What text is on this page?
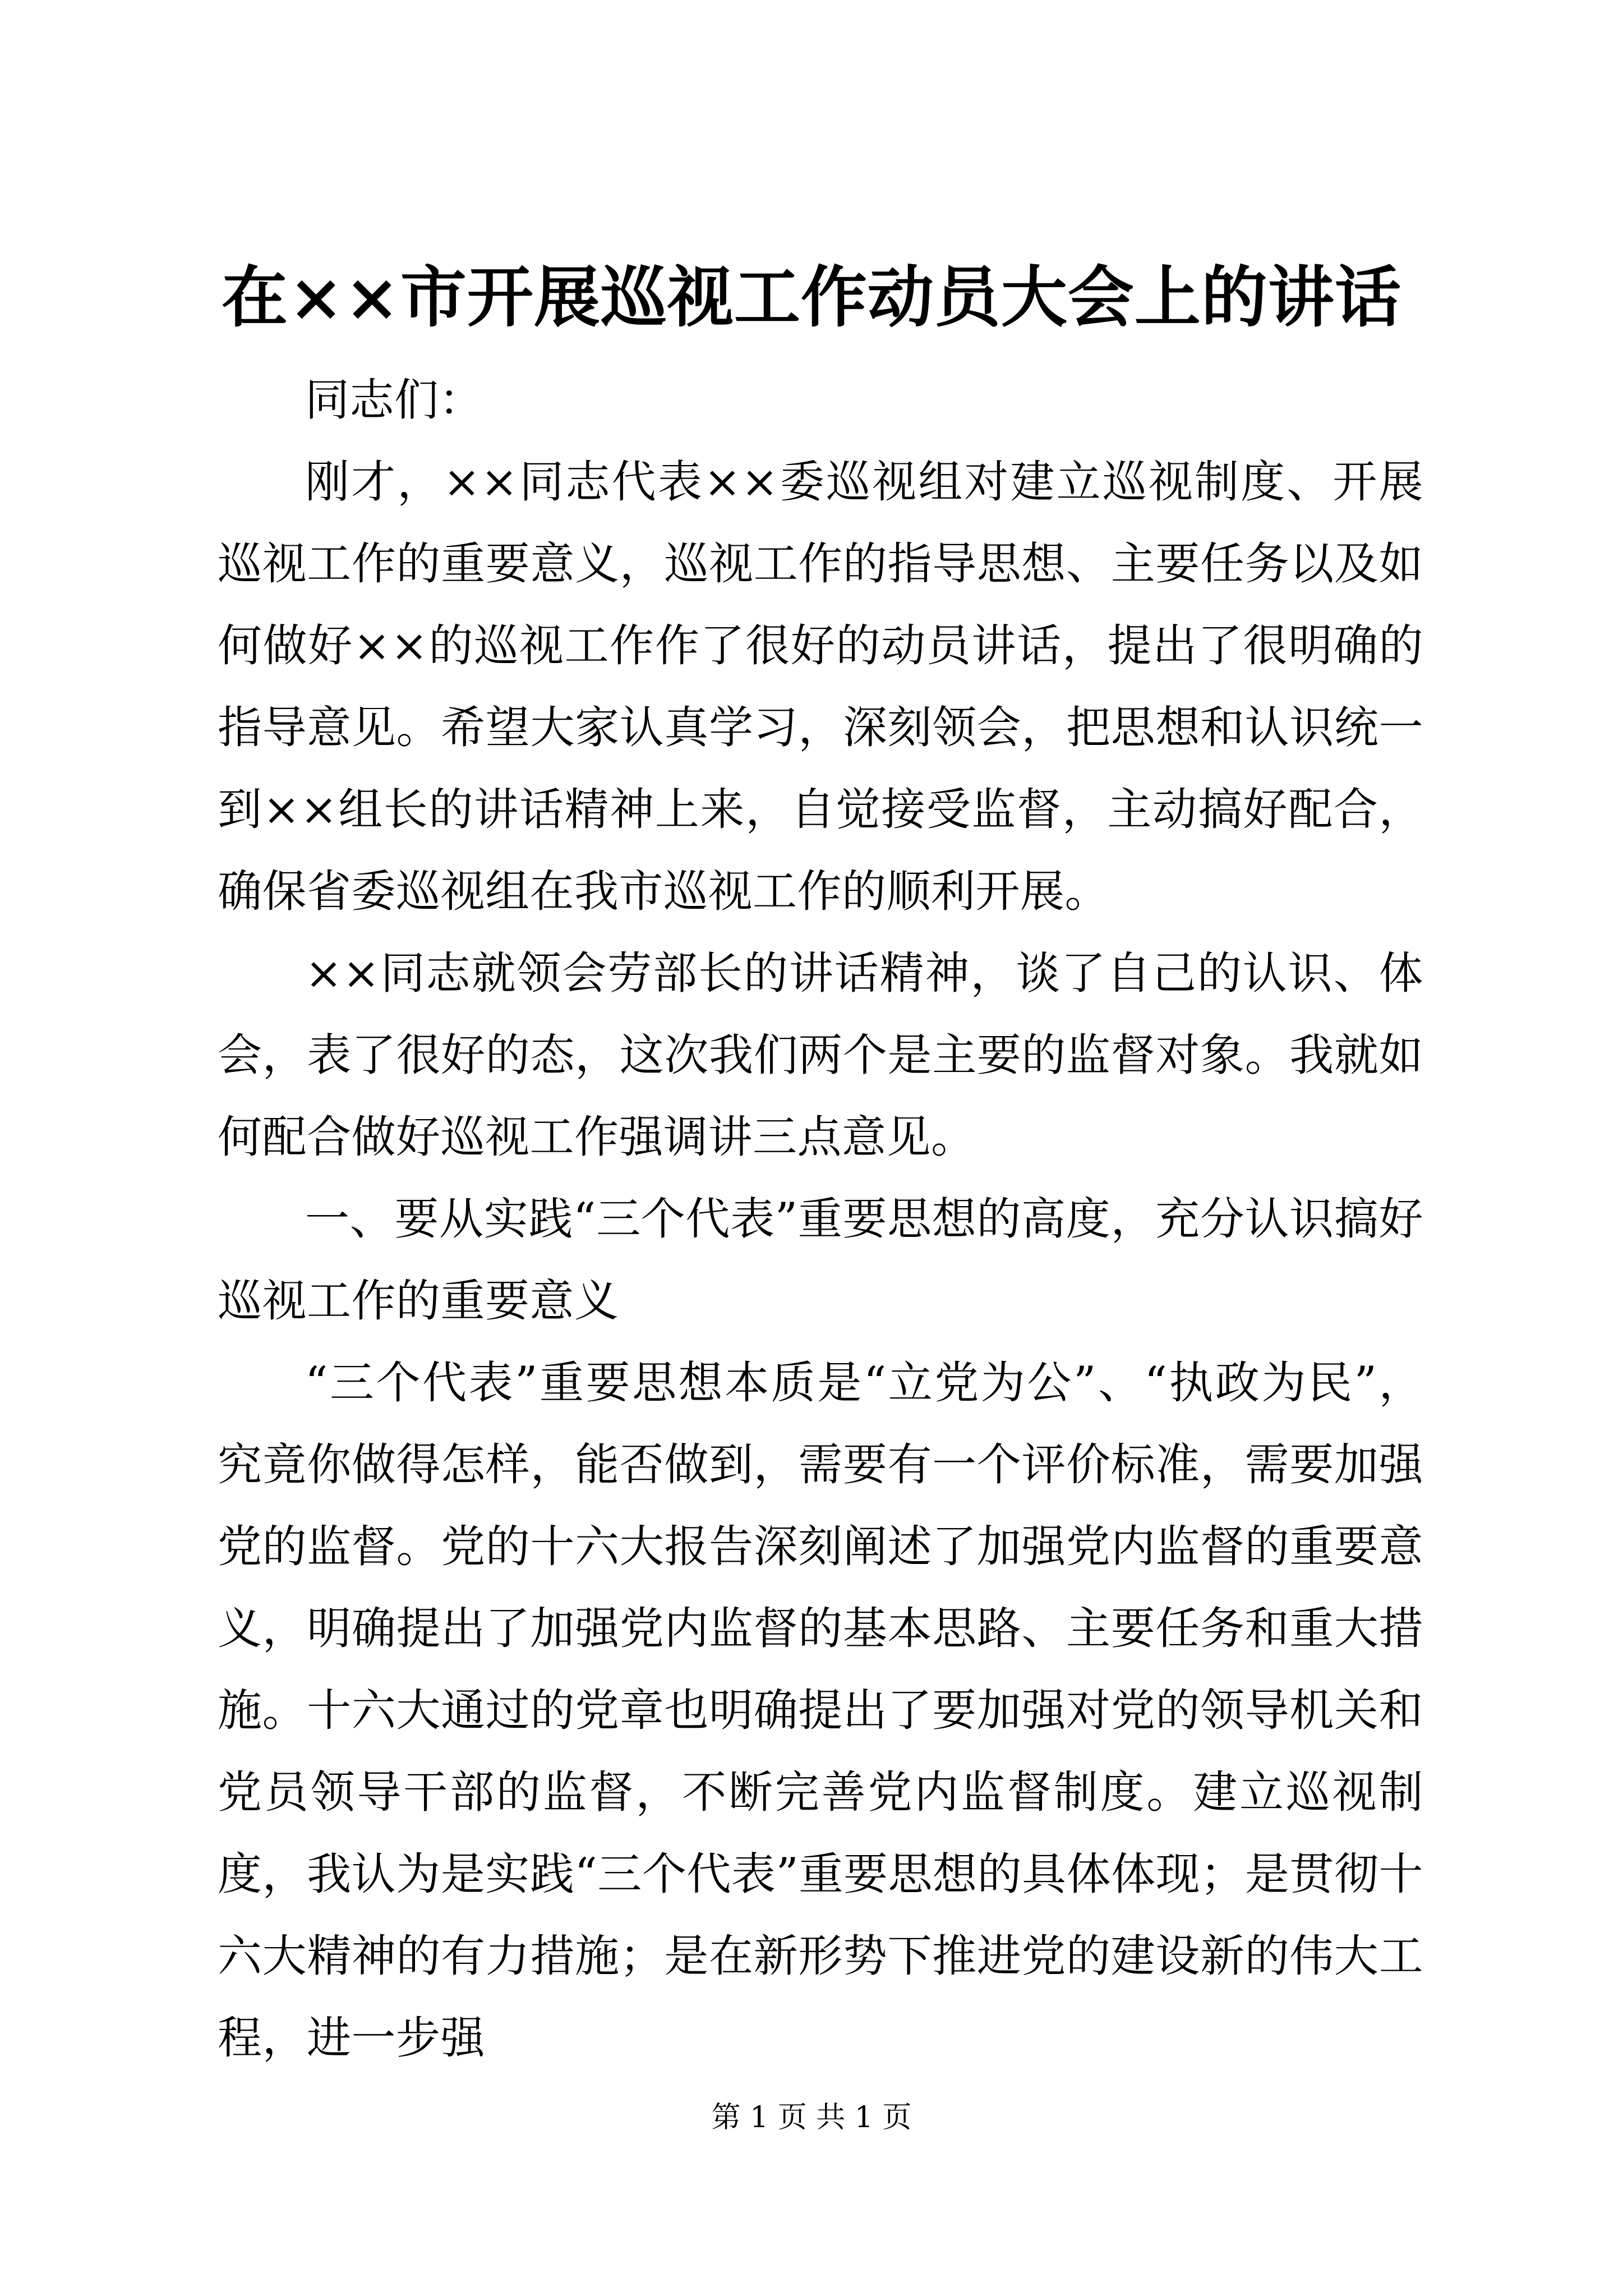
在××市开展巡视工作动员大会上的讲话

同志们：

刚才，××同志代表××委巡视组对建立巡视制度、开展巡视工作的重要意义，巡视工作的指导思想、主要任务以及如何做好××的巡视工作作了很好的动员讲话，提出了很明确的指导意见。希望大家认真学习，深刻领会，把思想和认识统一到××组长的讲话精神上来，自觉接受监督，主动搞好配合，确保省委巡视组在我市巡视工作的顺利开展。

××同志就领会劳部长的讲话精神，谈了自己的认识、体会，表了很好的态，这次我们两个是主要的监督对象。我就如何配合做好巡视工作强调讲三点意见。

一、要从实践“三个代表”重要思想的高度，充分认识搞好巡视工作的重要意义

“三个代表”重要思想本质是“立党为公”、“执政为民”，究竟你做得怎样，能否做到，需要有一个评价标准，需要加强党的监督。党的十六大报告深刻阐述了加强党内监督的重要意义，明确提出了加强党内监督的基本思路、主要任务和重大措施。十六大通过的党章也明确提出了要加强对党的领导机关和党员领导干部的监督，不断完善党内监督制度。建立巡视制度，我认为是实践“三个代表”重要思想的具体体现；是贯彻十六大精神的有力措施；是在新形势下推进党的建设新的伟大工程，进一步强

第 1 页 共 1 页
